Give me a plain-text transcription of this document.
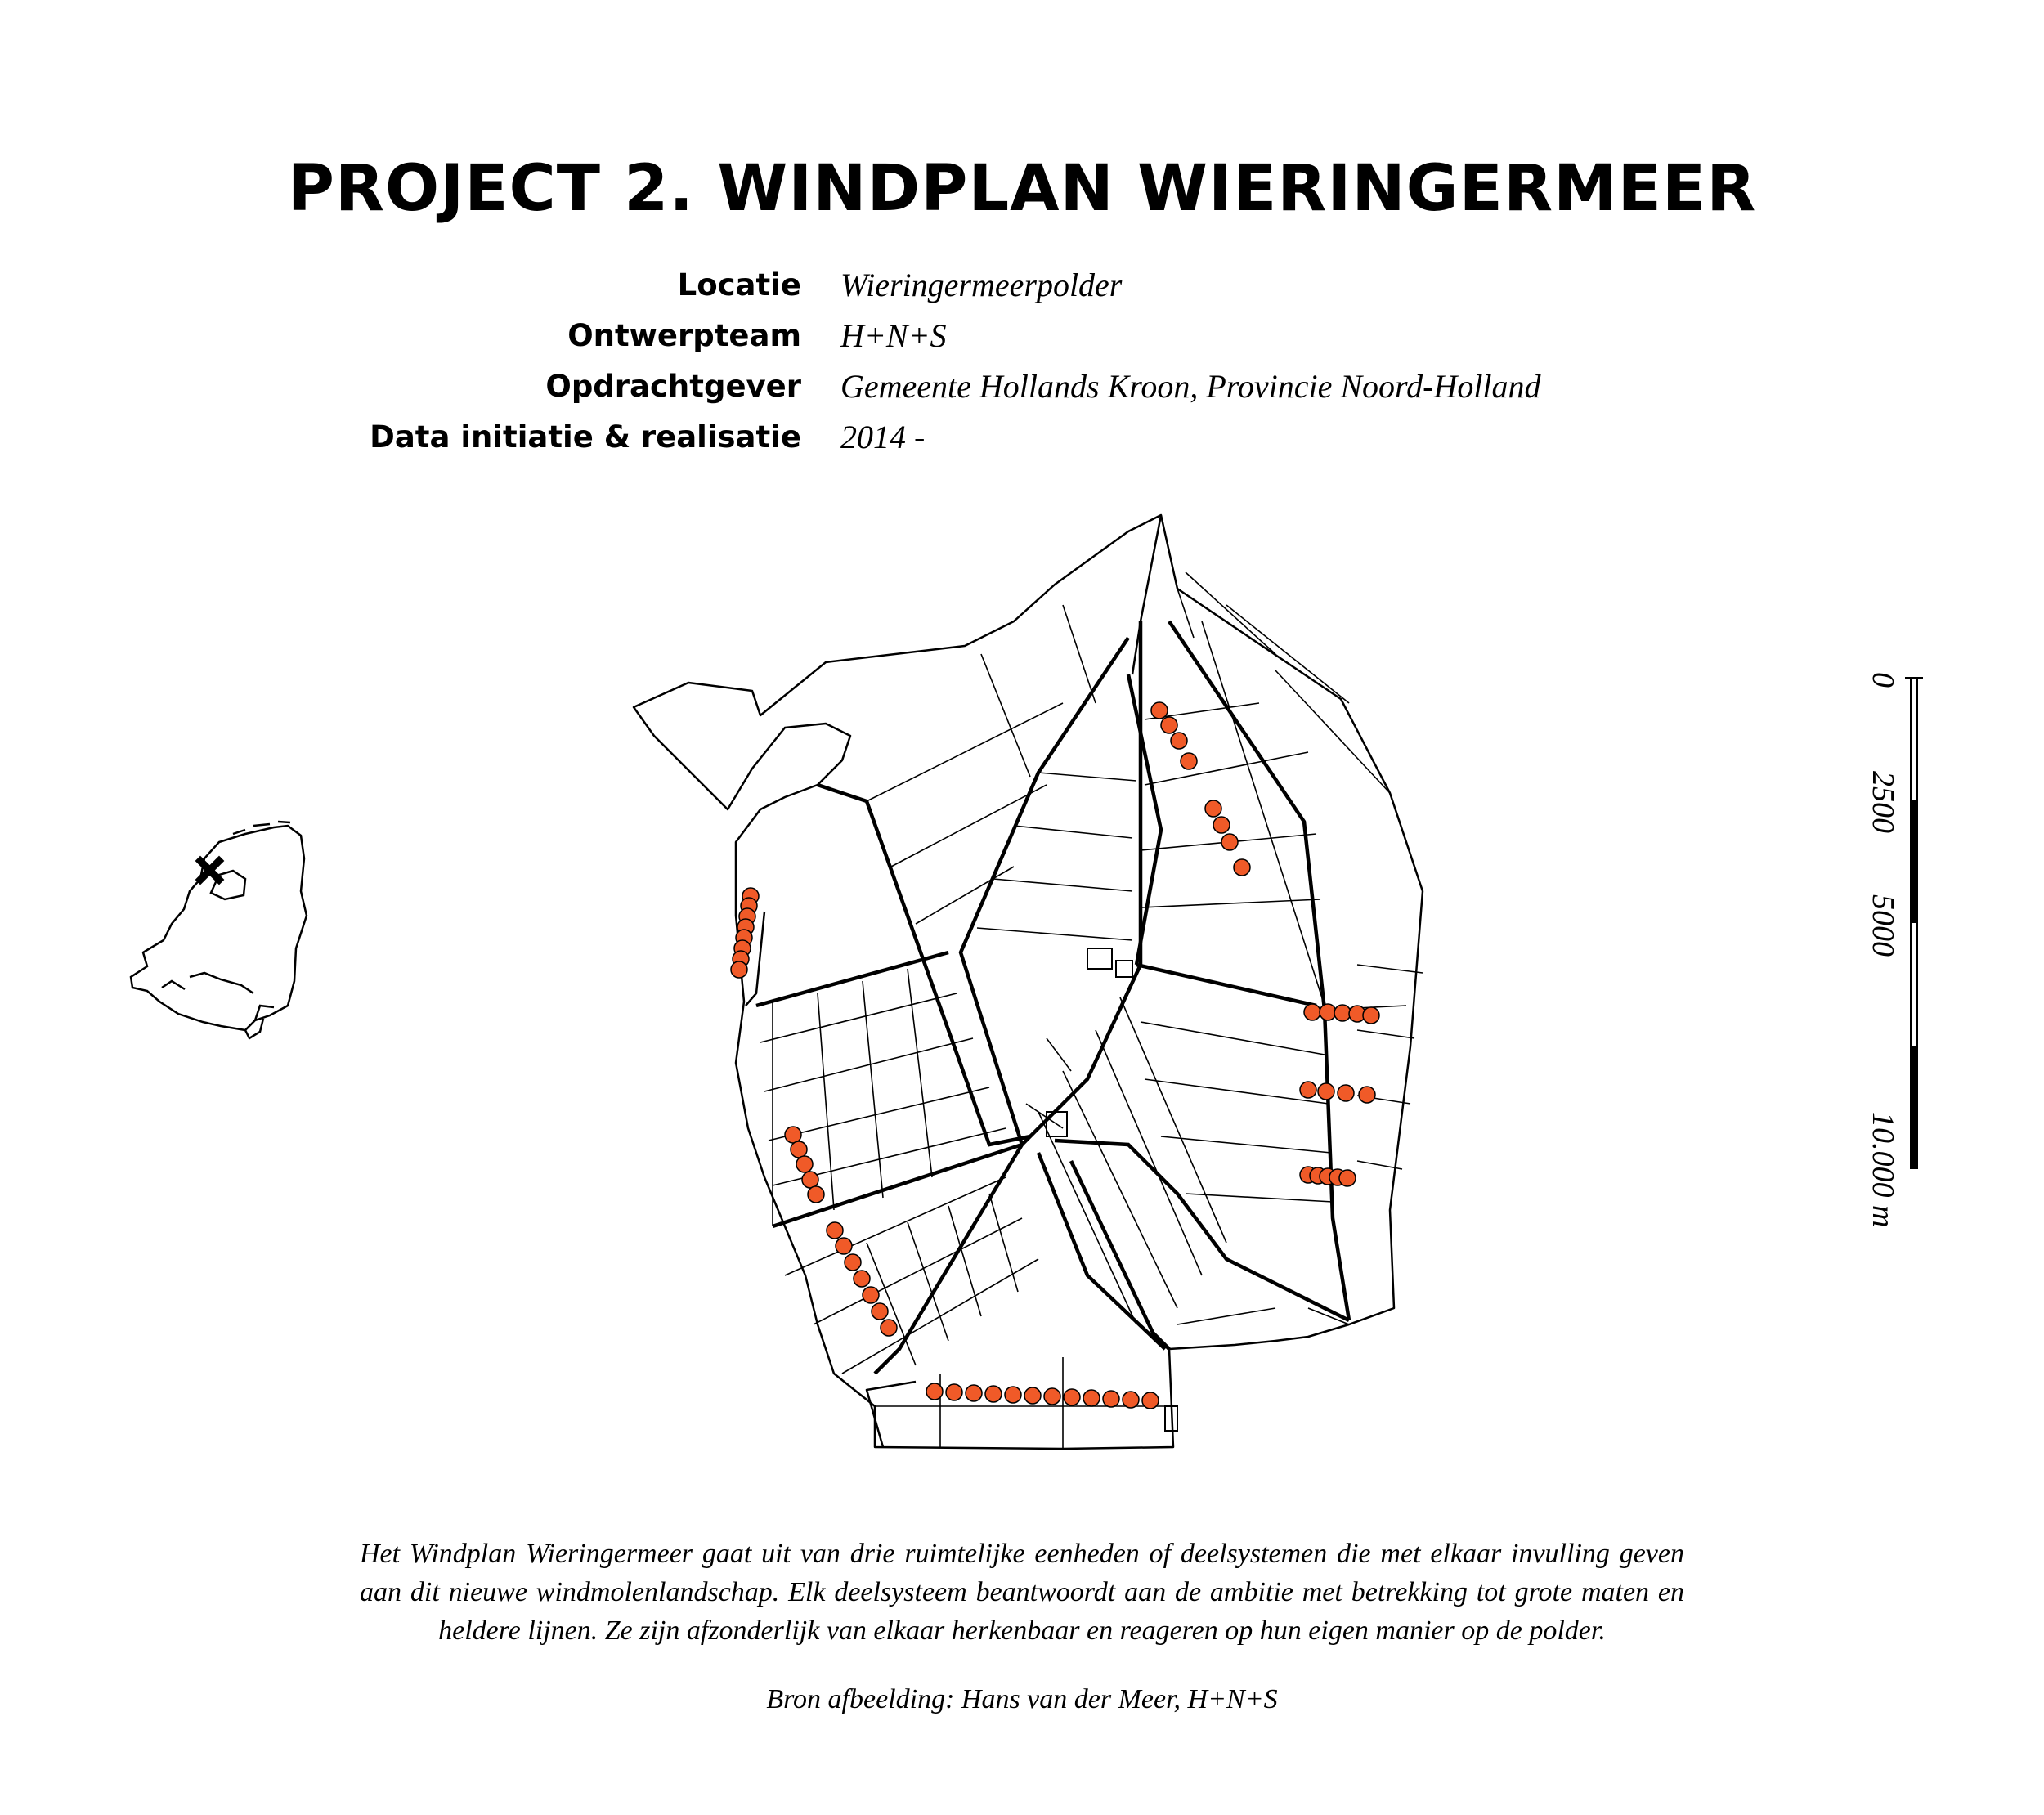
PROJECT 2. WINDPLAN WIERINGERMEER
Locatie Wieringermeerpolder
Ontwerpteam H+N+S
Opdrachtgever Gemeente Hollands Kroon, Provincie Noord-Holland
Data initiatie & realisatie 2014 -
0
2500
5000
10.000 m

Het Windplan Wieringermeer gaat uit van drie ruimtelijke eenheden of deelsystemen die met elkaar invulling geven aan dit nieuwe windmolenlandschap. Elk deelsysteem beantwoordt aan de ambitie met betrekking tot grote maten en heldere lijnen. Ze zijn afzonderlijk van elkaar herkenbaar en reageren op hun eigen manier op de polder.

Bron afbeelding: Hans van der Meer, H+N+S
